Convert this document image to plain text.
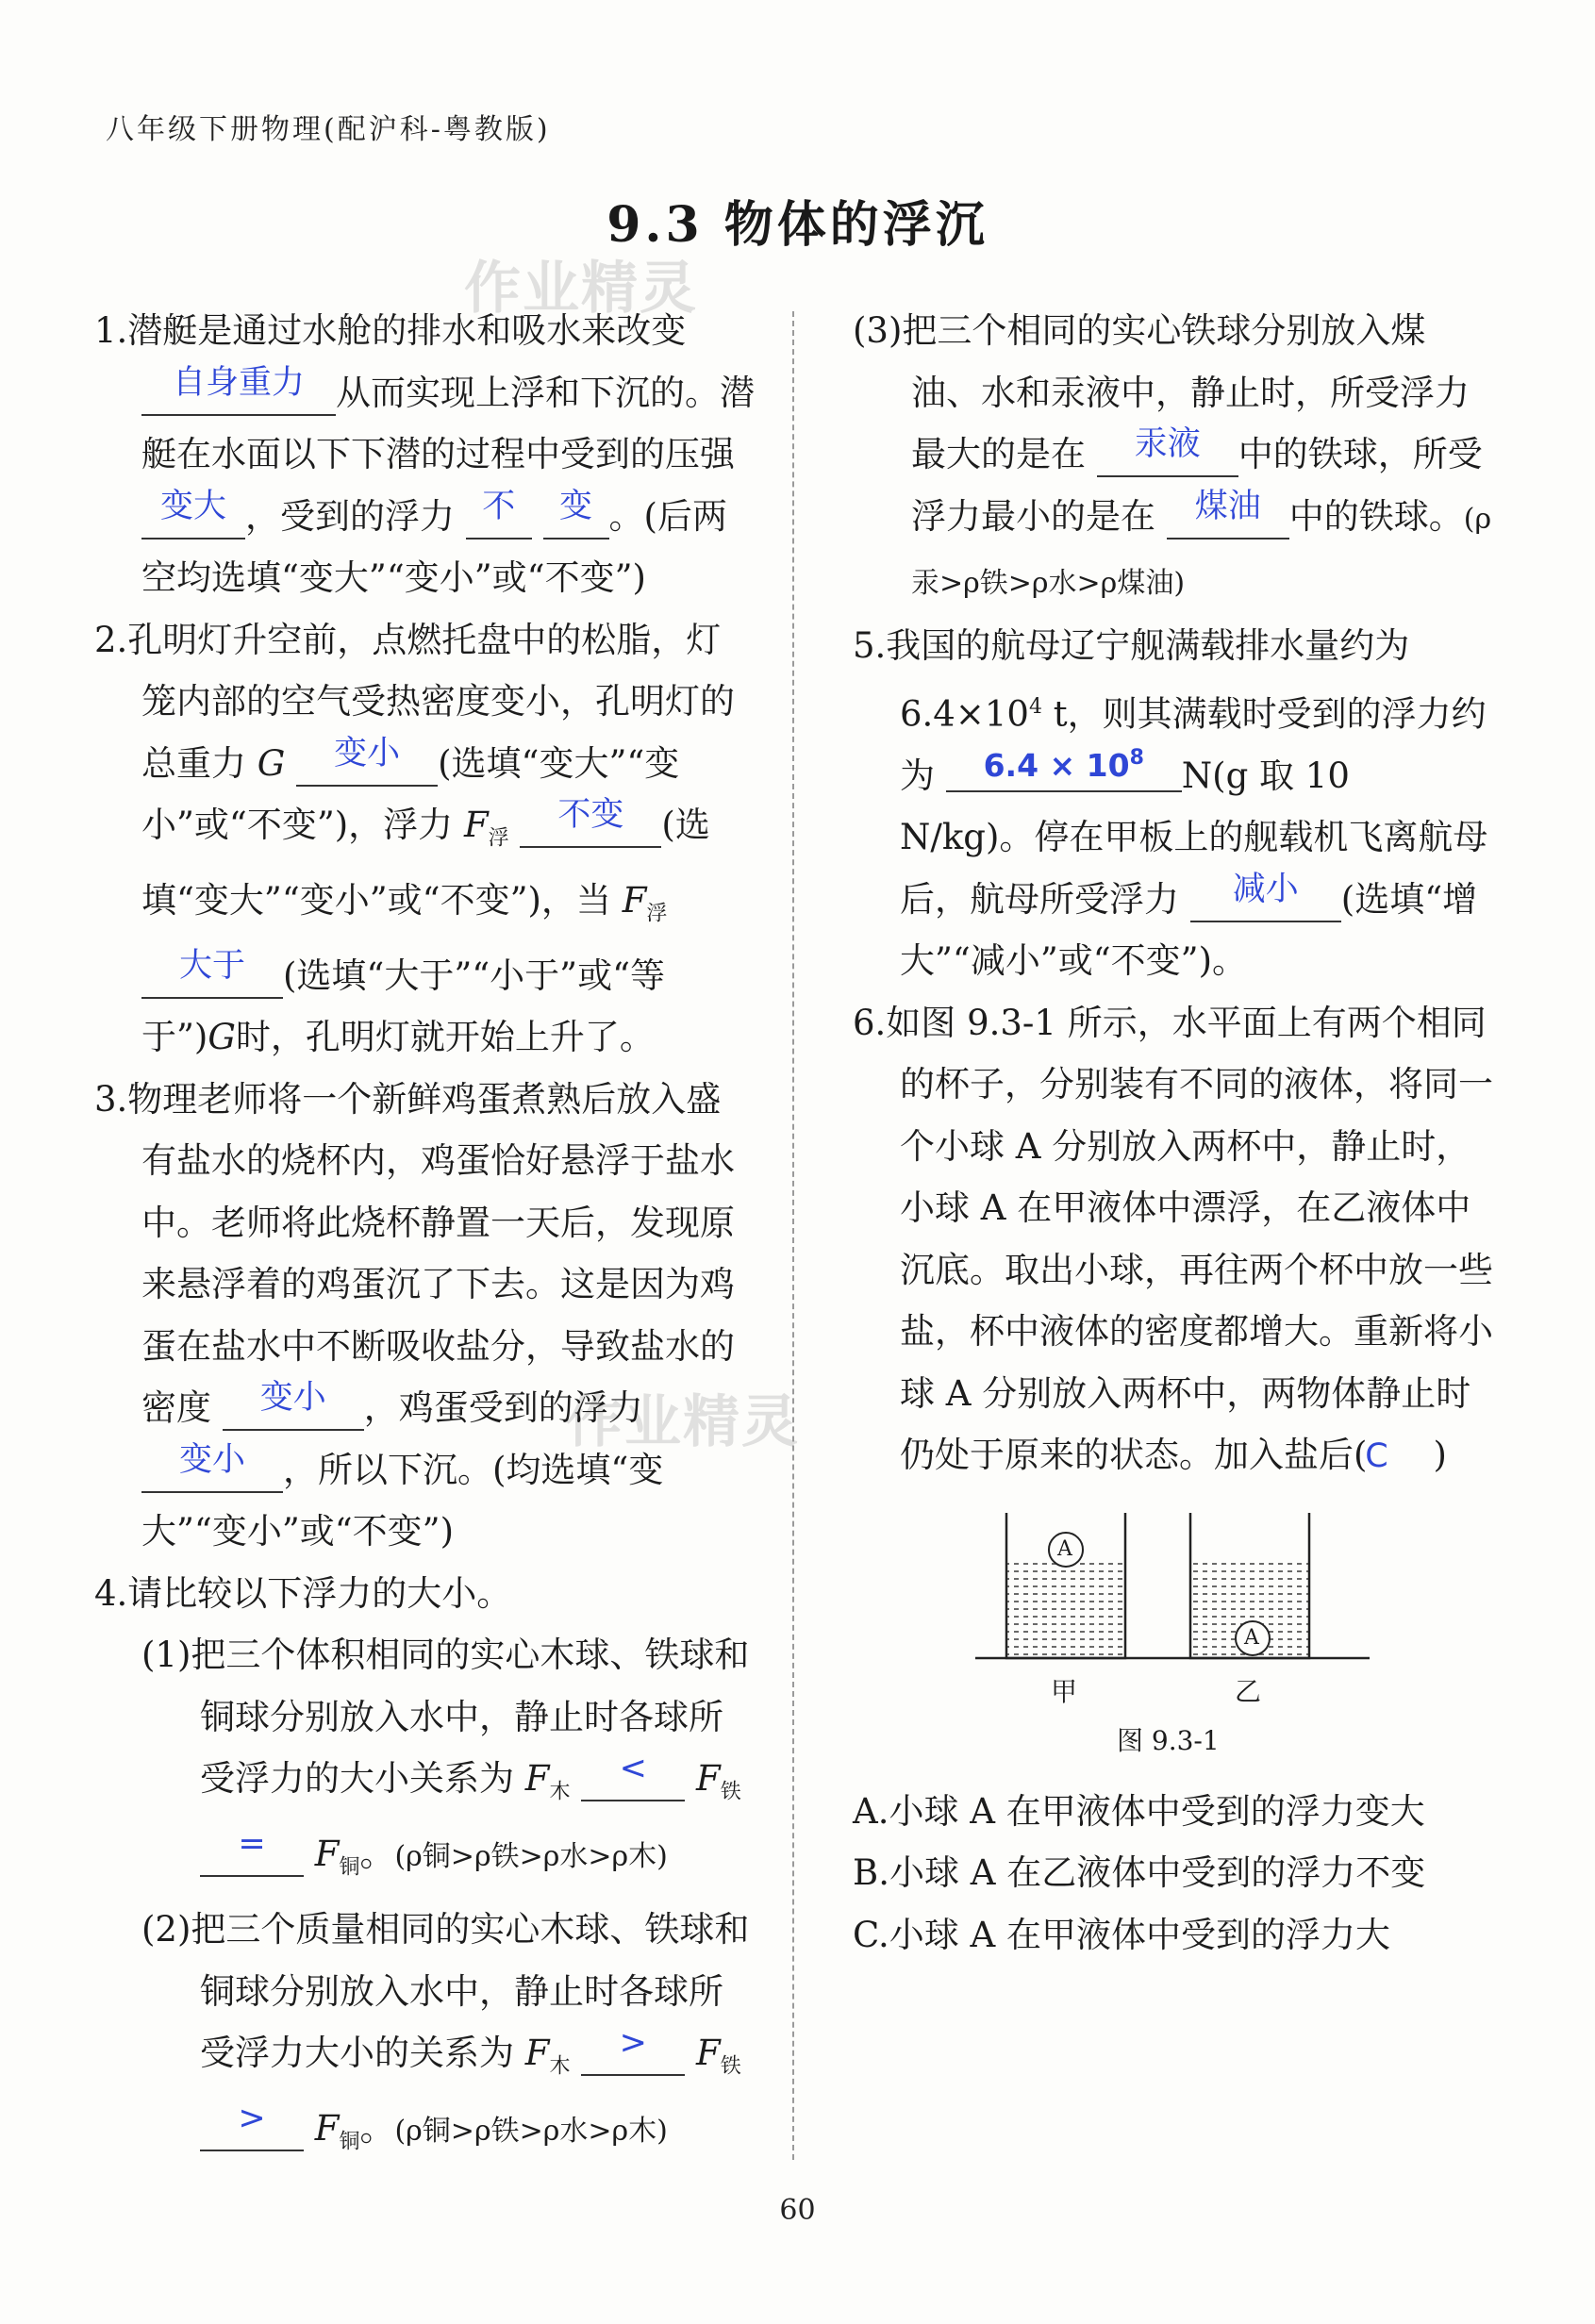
八年级下册物理(配沪科-粤教版)
9.3 物体的浮沉
作业精灵
作业精灵

1.潜艇是通过水舱的排水和吸水来改变 自身重力 从而实现上浮和下沉的。潜艇在水面以下下潜的过程中受到的压强 变大 ，受到的浮力 不 变 。(后两空均选填“变大”“变小”或“不变”)

2.孔明灯升空前，点燃托盘中的松脂，灯笼内部的空气受热密度变小，孔明灯的总重力 G 变小 (选填“变大”“变小”或“不变”)，浮力 $F_浮$ 不变 (选填“变大”“变小”或“不变”)，当 $F_浮$ 大于 (选填“大于”“小于”或“等于”)G时，孔明灯就开始上升了。

3.物理老师将一个新鲜鸡蛋煮熟后放入盛有盐水的烧杯内，鸡蛋恰好悬浮于盐水中。老师将此烧杯静置一天后，发现原来悬浮着的鸡蛋沉了下去。这是因为鸡蛋在盐水中不断吸收盐分，导致盐水的密度 变小 ，鸡蛋受到的浮力 变小 ，所以下沉。(均选填“变大”“变小”或“不变”)

4.请比较以下浮力的大小。

(1)把三个体积相同的实心木球、铁球和铜球分别放入水中，静止时各球所受浮力的大小关系为 $F_木 < F_铁 = F_铜$。(ρ铜>ρ铁>ρ水>ρ木)

(2)把三个质量相同的实心木球、铁球和铜球分别放入水中，静止时各球所受浮力大小的关系为 $F_木 > F_铁 > F_铜$。(ρ铜>ρ铁>ρ水>ρ木)

(3)把三个相同的实心铁球分别放入煤油、水和汞液中，静止时，所受浮力最大的是在 汞液 中的铁球，所受浮力最小的是在 煤油 中的铁球。(ρ汞>ρ铁>ρ水>ρ煤油)

5.我国的航母辽宁舰满载排水量约为 $6.4\times 10^4$ t，则其满载时受到的浮力约为 $6.4 \times 10^8$ N(g 取 10 N/kg)。停在甲板上的舰载机飞离航母后，航母所受浮力 减小 (选填“增大”“减小”或“不变”)。

6.如图 9.3-1 所示，水平面上有两个相同的杯子，分别装有不同的液体，将同一个小球 A 分别放入两杯中，静止时，小球 A 在甲液体中漂浮，在乙液体中沉底。取出小球，再往两个杯中放一些盐，杯中液体的密度都增大。重新将小球 A 分别放入两杯中，两物体静止时仍处于原来的状态。加入盐后(C )

A
A
甲	乙
图 9.3-1

A.小球 A 在甲液体中受到的浮力变大

B.小球 A 在乙液体中受到的浮力不变

C.小球 A 在甲液体中受到的浮力大

60
